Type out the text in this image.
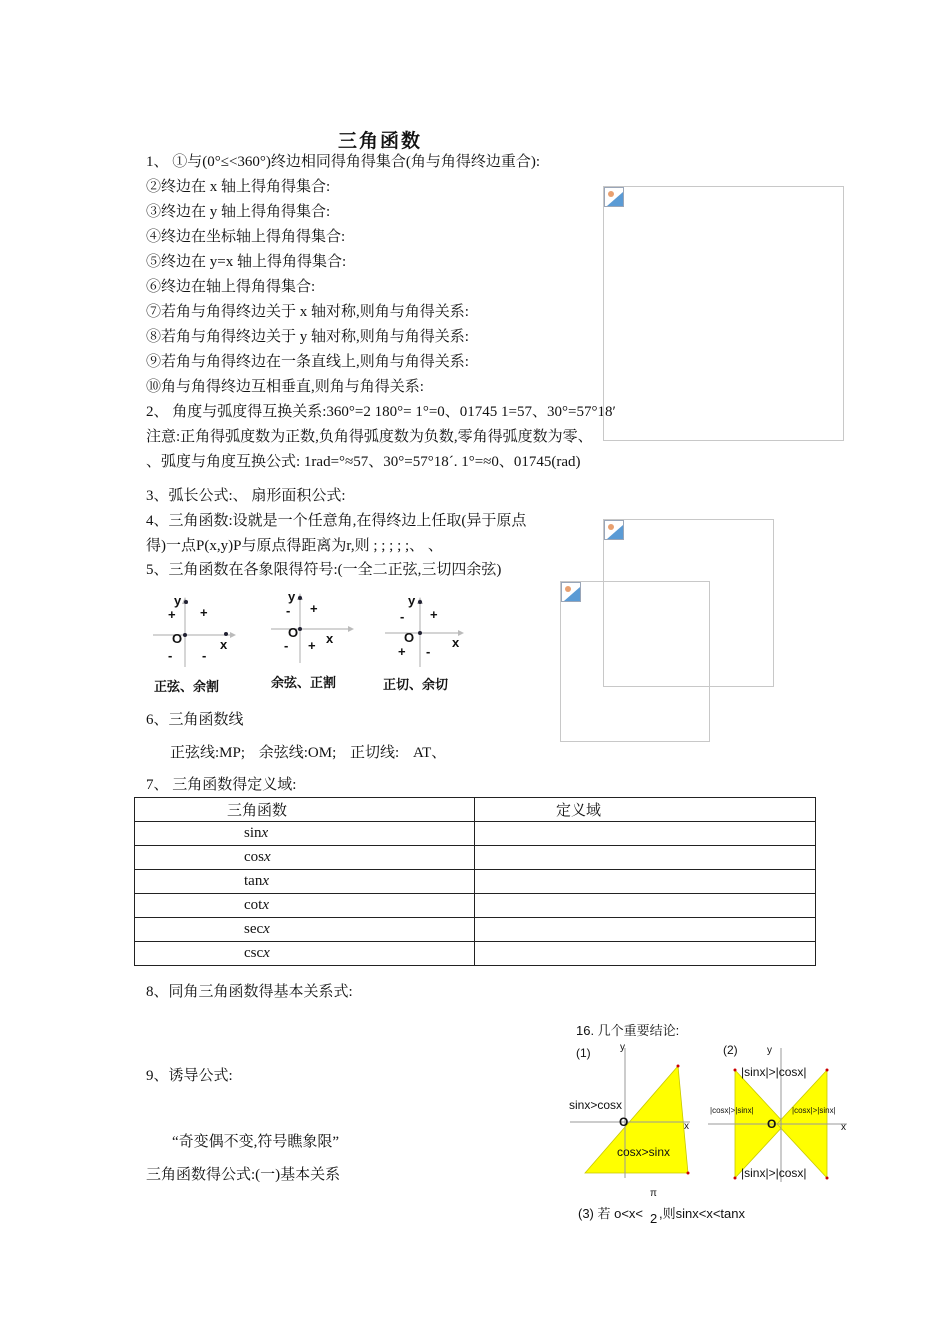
三角函数
1、 ①与(0°≤<360°)终边相同得角得集合(角与角得终边重合):
②终边在 x 轴上得角得集合:
③终边在 y 轴上得角得集合:
④终边在坐标轴上得角得集合:
⑤终边在 y=x 轴上得角得集合:
⑥终边在轴上得角得集合:
⑦若角与角得终边关于 x 轴对称,则角与角得关系:
⑧若角与角得终边关于 y 轴对称,则角与角得关系:
⑨若角与角得终边在一条直线上,则角与角得关系:
⑩角与角得终边互相垂直,则角与角得关系:
2、 角度与弧度得互换关系:360°=2 180°= 1°=0、01745 1=57、30°=57°18′
注意:正角得弧度数为正数,负角得弧度数为负数,零角得弧度数为零、
、弧度与角度互换公式: 1rad=°≈57、30°=57°18ˊ. 1°=≈0、01745(rad)
3、弧长公式:、 扇形面积公式:
4、三角函数:设就是一个任意角,在得终边上任取(异于原点
得)一点P(x,y)P与原点得距离为r,则 ; ; ; ; ;、 、
5、三角函数在各象限得符号:(一全二正弦,三切四余弦)
y
+
+
O
- -
x
正弦、余割
y
+
-
O
- + x
余弦、正割
y
+
-
O
+ -
x
正切、余切
6、三角函数线
正弦线:MP; 余弦线:OM; 正切线: AT、
7、 三角函数得定义域:
三角函数	定义域
sinx	
cosx	
tanx	
cotx	
secx	
cscx	
8、同角三角函数得基本关系式:
9、诱导公式:
“奇变偶不变,符号瞧象限”
三角函数得公式:(一)基本关系
16. 几个重要结论:
(1)	y
sinx>cosx
O	x
cosx>sinx
(2)	y
|sinx|>|cosx|
|cosx|>|sinx|	|cosx|>|sinx|
O	x
|sinx|>|cosx|
π
(3) 若 o<x< 2 ,则sinx<x<tanx
